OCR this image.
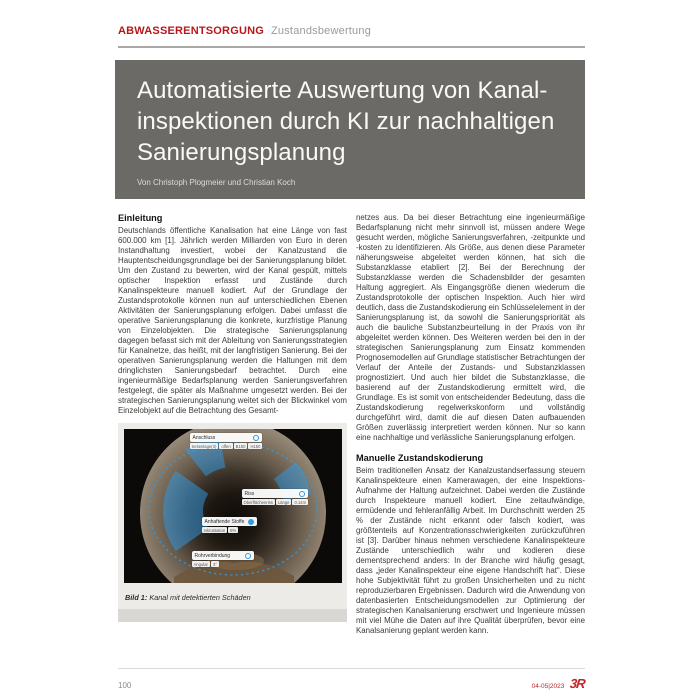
ABWASSERENTSORGUNG Zustandsbewertung
Automatisierte Auswertung von Kanal-
inspektionen durch KI zur nachhaltigen
Sanierungsplanung
Von Christoph Plogmeier und Christian Koch
Einleitung

Deutschlands öffentliche Kanalisation hat eine Länge von fast 600.000 km [1]. Jährlich werden Milliarden von Euro in deren Instandhaltung investiert, wobei der Kanalzustand die Hauptentscheidungsgrundlage bei der Sanierungsplanung bildet. Um den Zustand zu bewerten, wird der Kanal gespült, mittels optischer Inspektion erfasst und Zustände durch Kanalinspekteure manuell kodiert. Auf der Grundlage der Zustandsprotokolle können nun auf unterschiedlichen Ebenen Aktivitäten der Sanierungsplanung erfolgen. Dabei umfasst die operative Sanierungsplanung die konkrete, kurzfristige Planung von Einzelobjekten. Die strategische Sanierungsplanung dagegen befasst sich mit der Ableitung von Sanierungsstrategien für Kanalnetze, das heißt, mit der langfristigen Sanierung. Bei der operativen Sanierungsplanung werden die Haltungen mit dem dringlichsten Sanierungsbedarf betrachtet. Durch eine ingenieurmäßige Bedarfsplanung werden Sanierungsverfahren festgelegt, die später als Maßnahme umgesetzt werden. Bei der strategischen Sanierungsplanung weitet sich der Blickwinkel vom Einzelobjekt auf die Betrachtung des Gesamt-

Anschluss
Seitenlage(3)	offen	B150	H150
Riss
Oberflächenriss	Länge	0.14m
Anhaftende Stoffe
Inkrustation	8%
Rohrverbindung
Angular	3°
Bild 1: Kanal mit detektierten Schäden

netzes aus. Da bei dieser Betrachtung eine ingenieurmäßige Bedarfsplanung nicht mehr sinnvoll ist, müssen andere Wege gesucht werden, mögliche Sanierungsverfahren, -zeitpunkte und -kosten zu identifizieren. Als Größe, aus denen diese Parameter näherungsweise abgeleitet werden können, hat sich die Substanzklasse etabliert [2]. Bei der Berechnung der Substanzklasse werden die Schadensbilder der gesamten Haltung aggregiert. Als Eingangsgröße dienen wiederum die Zustandsprotokolle der optischen Inspektion. Auch hier wird deutlich, dass die Zustandskodierung ein Schlüsselelement in der Sanierungsplanung ist, da sowohl die Sanierungspriorität als auch die bauliche Substanzbeurteilung in der Praxis von ihr abgeleitet werden können. Des Weiteren werden bei den in der strategischen Sanierungsplanung zum Einsatz kommenden Prognosemodellen auf Grundlage statistischer Betrachtungen der Verlauf der Anteile der Zustands- und Substanzklassen prognostiziert. Und auch hier bildet die Substanzklasse, die basierend auf der Zustandskodierung ermittelt wird, die Grundlage. Es ist somit von entscheidender Bedeutung, dass die Zustandskodierung regelwerkskonform und vollständig durchgeführt wird, damit die auf diesen Daten aufbauenden Größen zuverlässig interpretiert werden können. Nur so kann eine nachhaltige und verlässliche Sanierungsplanung erfolgen.

Manuelle Zustandskodierung

Beim traditionellen Ansatz der Kanalzustandserfassung steuern Kanalinspekteure einen Kamerawagen, der eine Inspektions-Aufnahme der Haltung aufzeichnet. Dabei werden die Zustände durch Inspekteure manuell kodiert. Eine zeitaufwändige, ermüdende und fehleranfällig Arbeit. Im Durchschnitt werden 25 % der Zustände nicht erkannt oder falsch kodiert, was größtenteils auf Konzentrationsschwierigkeiten zurückzuführen ist [3]. Darüber hinaus nehmen verschiedene Kanalinspekteure Zustände unterschiedlich wahr und kodieren diese dementsprechend anders: In der Branche wird häufig gesagt, dass „jeder Kanalinspekteur eine eigene Handschrift hat“. Diese hohe Subjektivität führt zu großen Unsicherheiten und zu nicht reproduzierbaren Ergebnissen. Dadurch wird die Anwendung von datenbasierten Entscheidungsmodellen zur Optimierung der strategischen Kanalsanierung erschwert und Ingenieure müssen mit viel Mühe die Daten auf ihre Qualität überprüfen, bevor eine Kanalsanierung geplant werden kann.

100	04-05|2023 3R
